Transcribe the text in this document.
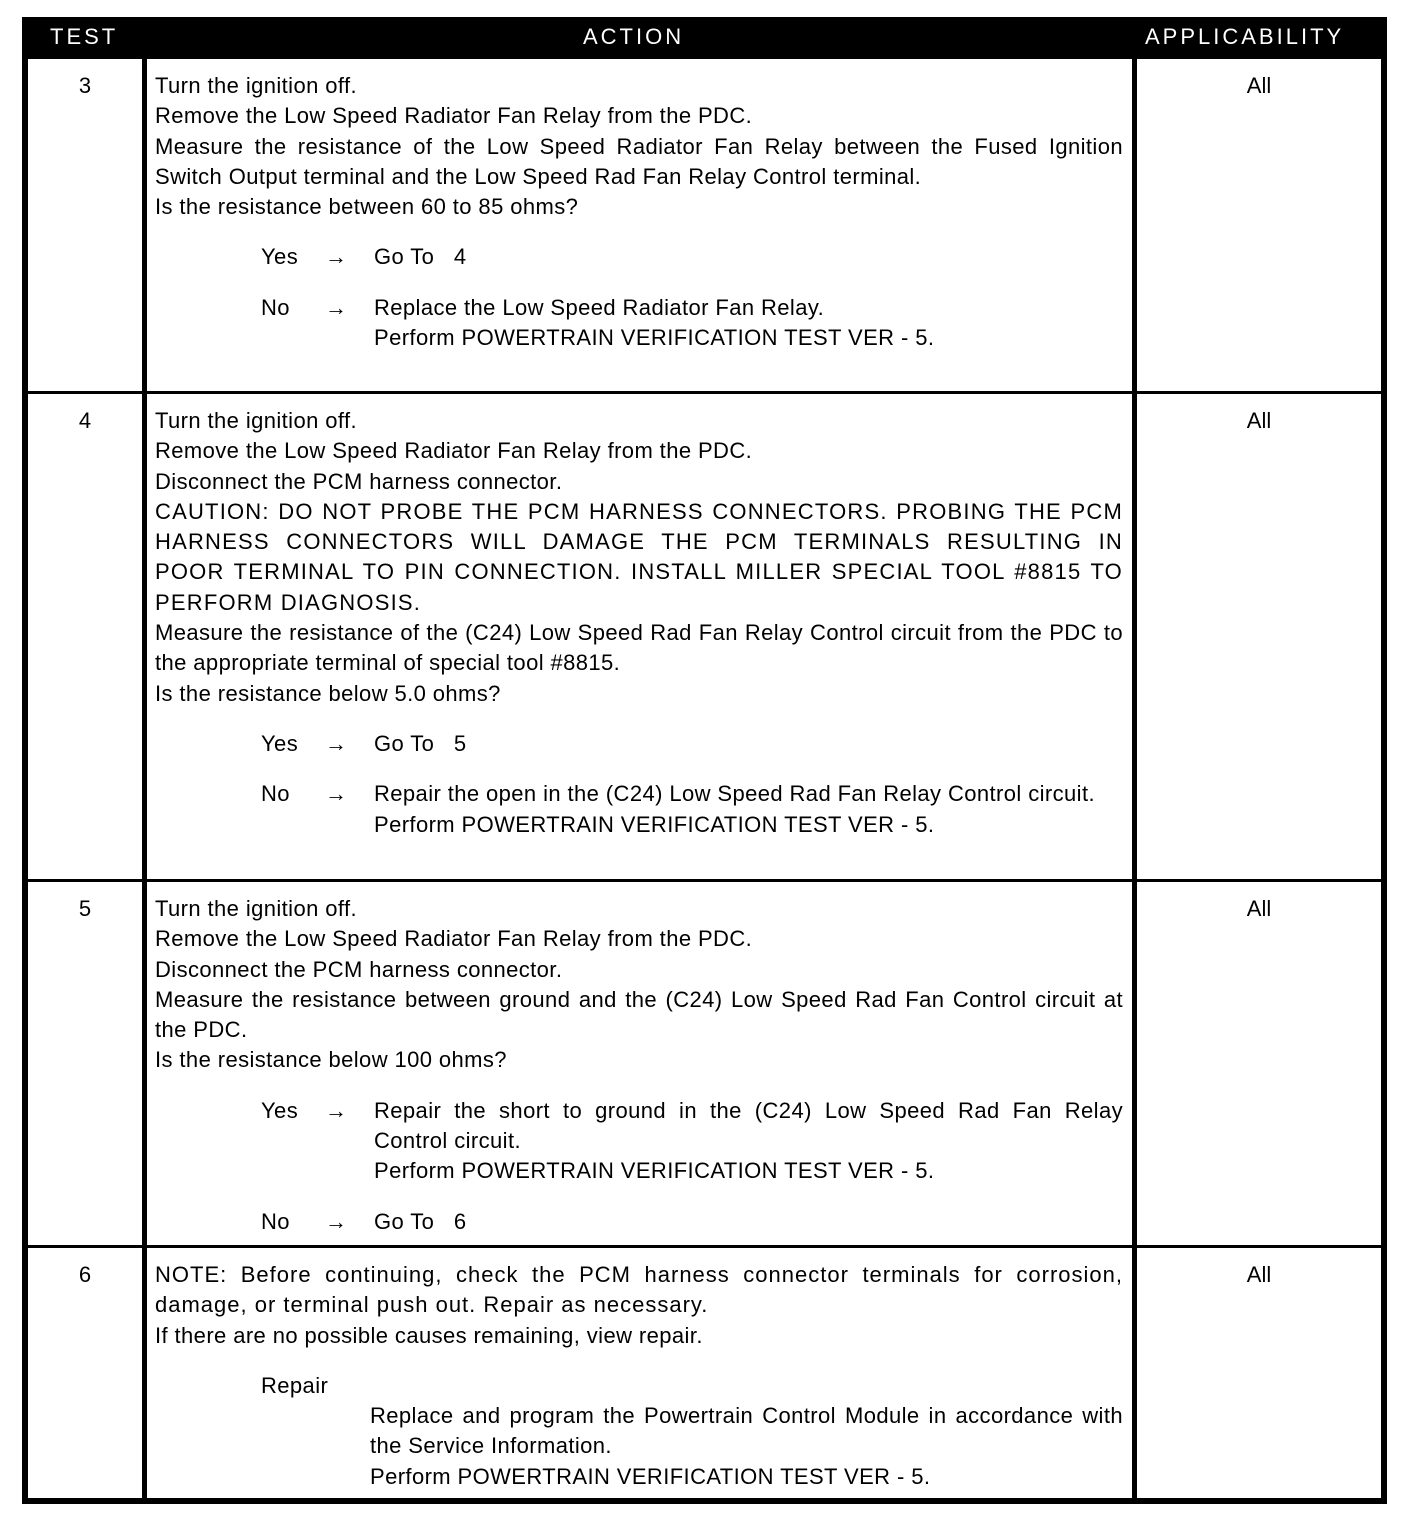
TEST	ACTION	APPLICABILITY
3	Turn the ignition off.

Remove the Low Speed Radiator Fan Relay from the PDC.

Measure the resistance of the Low Speed Radiator Fan Relay between the Fused Ignition Switch Output terminal and the Low Speed Rad Fan Relay Control terminal.

Is the resistance between 60 to 85 ohms?

Yes → Go To   4
No → Replace the Low Speed Radiator Fan Relay.
Perform POWERTRAIN VERIFICATION TEST VER - 5.
All
4	Turn the ignition off.

Remove the Low Speed Radiator Fan Relay from the PDC.

Disconnect the PCM harness connector.

CAUTION: DO NOT PROBE THE PCM HARNESS CONNECTORS. PROBING THE PCM HARNESS CONNECTORS WILL DAMAGE THE PCM TERMINALS RESULTING IN POOR TERMINAL TO PIN CONNECTION. INSTALL MILLER SPECIAL TOOL #8815 TO PERFORM DIAGNOSIS.

Measure the resistance of the (C24) Low Speed Rad Fan Relay Control circuit from the PDC to the appropriate terminal of special tool #8815.

Is the resistance below 5.0 ohms?

Yes → Go To   5
No → Repair the open in the (C24) Low Speed Rad Fan Relay Control circuit.
Perform POWERTRAIN VERIFICATION TEST VER - 5.
All
5	Turn the ignition off.

Remove the Low Speed Radiator Fan Relay from the PDC.

Disconnect the PCM harness connector.

Measure the resistance between ground and the (C24) Low Speed Rad Fan Control circuit at the PDC.

Is the resistance below 100 ohms?

Yes → Repair the short to ground in the (C24) Low Speed Rad Fan Relay Control circuit.
Perform POWERTRAIN VERIFICATION TEST VER - 5.
No → Go To   6
All
6	NOTE: Before continuing, check the PCM harness connector terminals for corrosion, damage, or terminal push out. Repair as necessary.

If there are no possible causes remaining, view repair.

Repair
Replace and program the Powertrain Control Module in accordance with the Service Information.
Perform POWERTRAIN VERIFICATION TEST VER - 5.
All
